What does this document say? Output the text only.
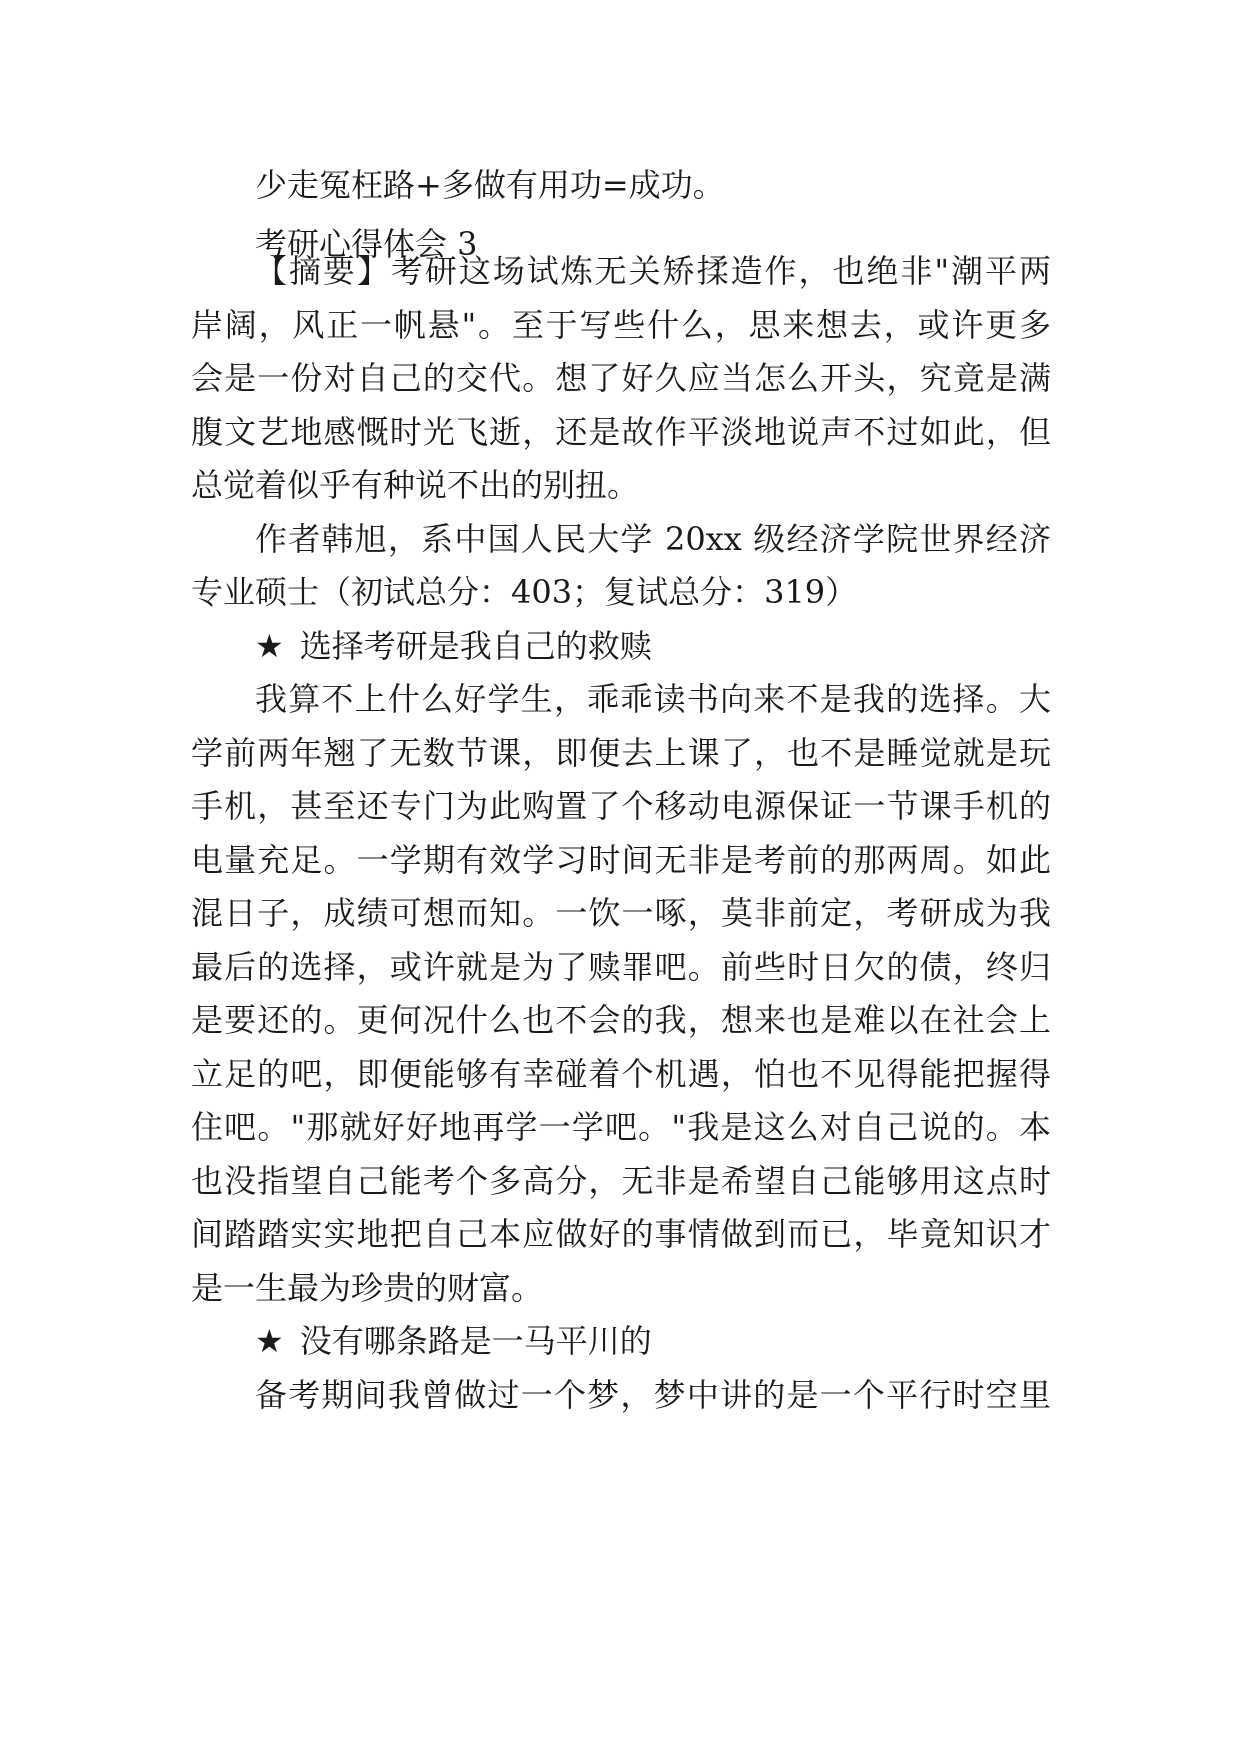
少走冤枉路+多做有用功=成功。

考研心得体会 3

【摘要】考研这场试炼无关矫揉造作，也绝非"潮平两

岸阔，风正一帆悬"。至于写些什么，思来想去，或许更多

会是一份对自己的交代。想了好久应当怎么开头，究竟是满

腹文艺地感慨时光飞逝，还是故作平淡地说声不过如此，但

总觉着似乎有种说不出的别扭。

作者韩旭，系中国人民大学 20xx 级经济学院世界经济

专业硕士（初试总分：403；复试总分：319）

★ 选择考研是我自己的救赎

我算不上什么好学生，乖乖读书向来不是我的选择。大

学前两年翘了无数节课，即便去上课了，也不是睡觉就是玩

手机，甚至还专门为此购置了个移动电源保证一节课手机的

电量充足。一学期有效学习时间无非是考前的那两周。如此

混日子，成绩可想而知。一饮一啄，莫非前定，考研成为我

最后的选择，或许就是为了赎罪吧。前些时日欠的债，终归

是要还的。更何况什么也不会的我，想来也是难以在社会上

立足的吧，即便能够有幸碰着个机遇，怕也不见得能把握得

住吧。"那就好好地再学一学吧。"我是这么对自己说的。本

也没指望自己能考个多高分，无非是希望自己能够用这点时

间踏踏实实地把自己本应做好的事情做到而已，毕竟知识才

是一生最为珍贵的财富。

★ 没有哪条路是一马平川的

备考期间我曾做过一个梦，梦中讲的是一个平行时空里
